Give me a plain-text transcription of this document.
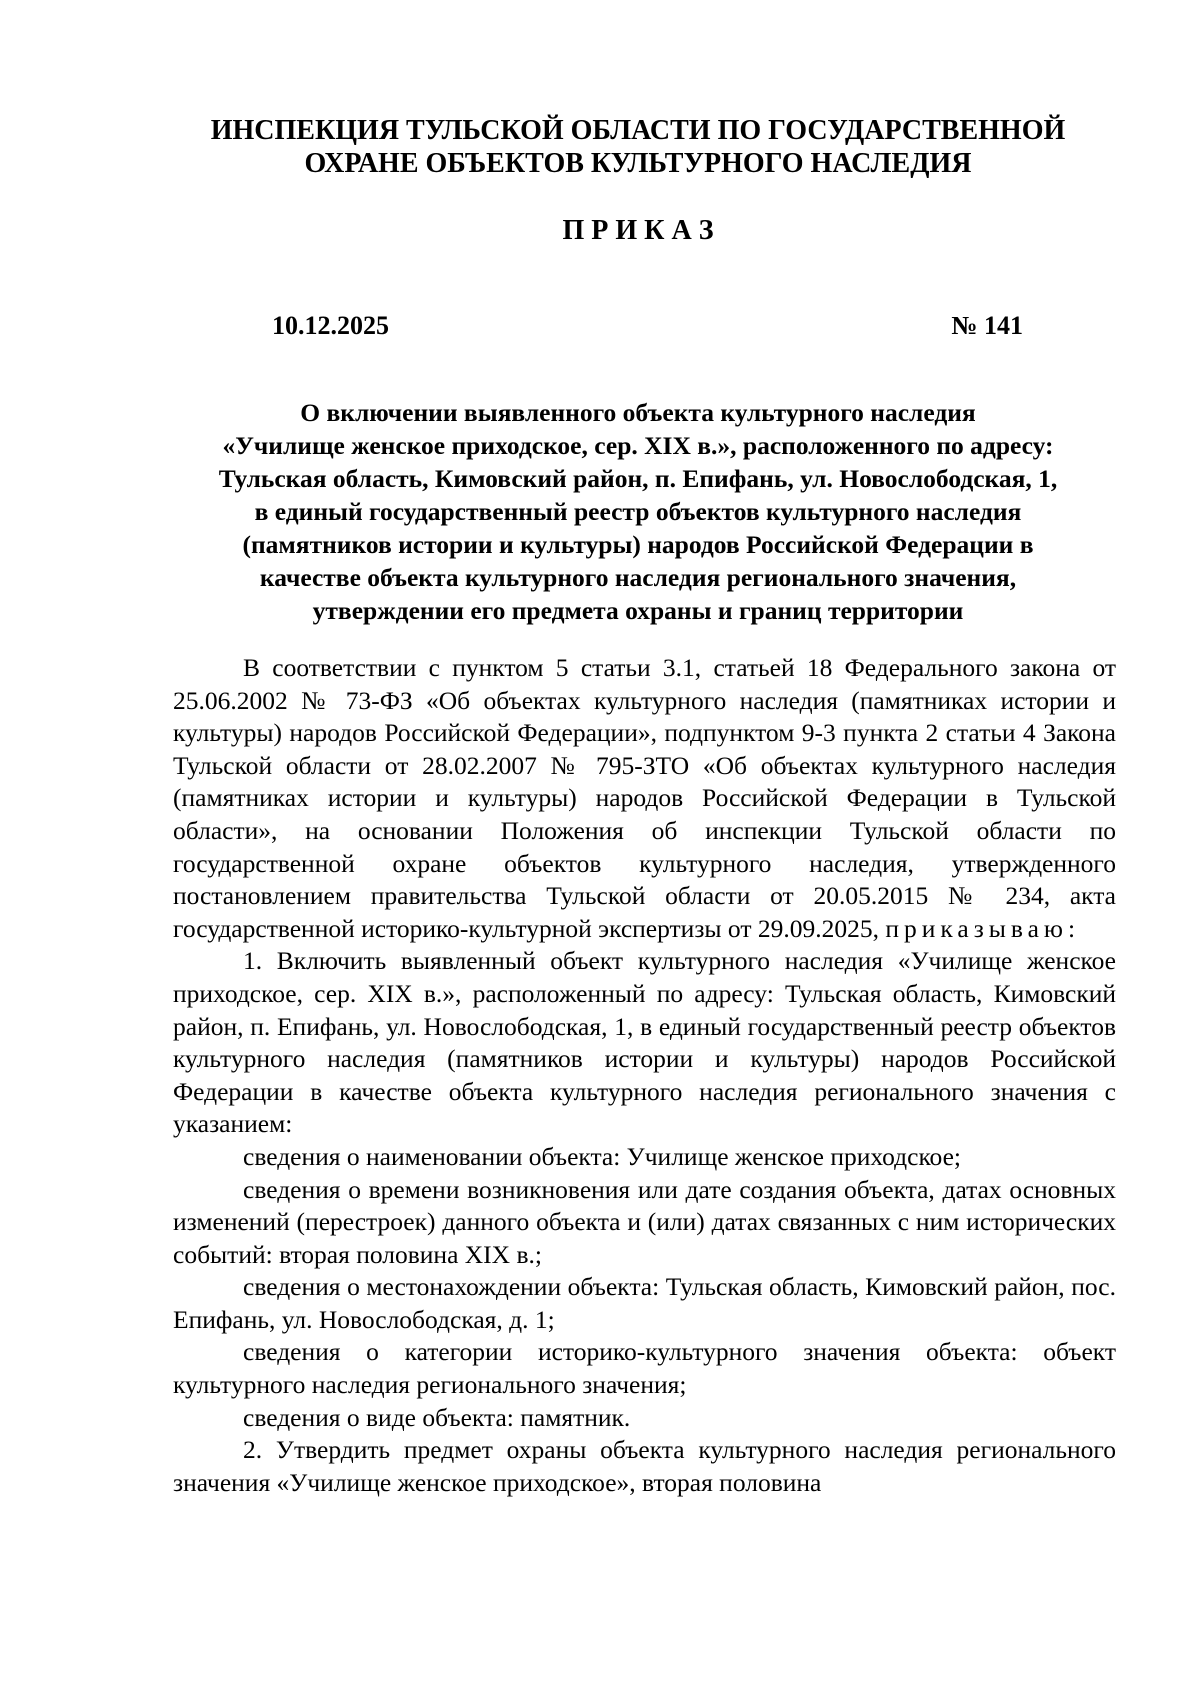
ИНСПЕКЦИЯ ТУЛЬСКОЙ ОБЛАСТИ ПО ГОСУДАРСТВЕННОЙ
ОХРАНЕ ОБЪЕКТОВ КУЛЬТУРНОГО НАСЛЕДИЯ
П Р И К А З
10.12.2025	№ 141
О включении выявленного объекта культурного наследия
«Училище женское приходское, сер. XIX в.», расположенного по адресу:
Тульская область, Кимовский район, п. Епифань, ул. Новослободская, 1,
в единый государственный реестр объектов культурного наследия
(памятников истории и культуры) народов Российской Федерации в
качестве объекта культурного наследия регионального значения,
утверждении его предмета охраны и границ территории

В соответствии с пунктом 5 статьи 3.1, статьей 18 Федерального закона от 25.06.2002 № 73-ФЗ «Об объектах культурного наследия (памятниках истории и культуры) народов Российской Федерации», подпунктом 9-3 пункта 2 статьи 4 Закона Тульской области от 28.02.2007 № 795-ЗТО «Об объектах культурного наследия (памятниках истории и культуры) народов Российской Федерации в Тульской области», на основании Положения об инспекции Тульской области по государственной охране объектов культурного наследия, утвержденного постановлением правительства Тульской области от 20.05.2015 № 234, акта государственной историко-культурной экспертизы от 29.09.2025, приказываю:

1. Включить выявленный объект культурного наследия «Училище женское приходское, сер. XIX в.», расположенный по адресу: Тульская область, Кимовский район, п. Епифань, ул. Новослободская, 1, в единый государственный реестр объектов культурного наследия (памятников истории и культуры) народов Российской Федерации в качестве объекта культурного наследия регионального значения с указанием:

сведения о наименовании объекта: Училище женское приходское;

сведения о времени возникновения или дате создания объекта, датах основных изменений (перестроек) данного объекта и (или) датах связанных с ним исторических событий: вторая половина XIX в.;

сведения о местонахождении объекта: Тульская область, Кимовский район, пос. Епифань, ул. Новослободская, д. 1;

сведения о категории историко-культурного значения объекта: объект культурного наследия регионального значения;

сведения о виде объекта: памятник.

2. Утвердить предмет охраны объекта культурного наследия регионального значения «Училище женское приходское», вторая половина
